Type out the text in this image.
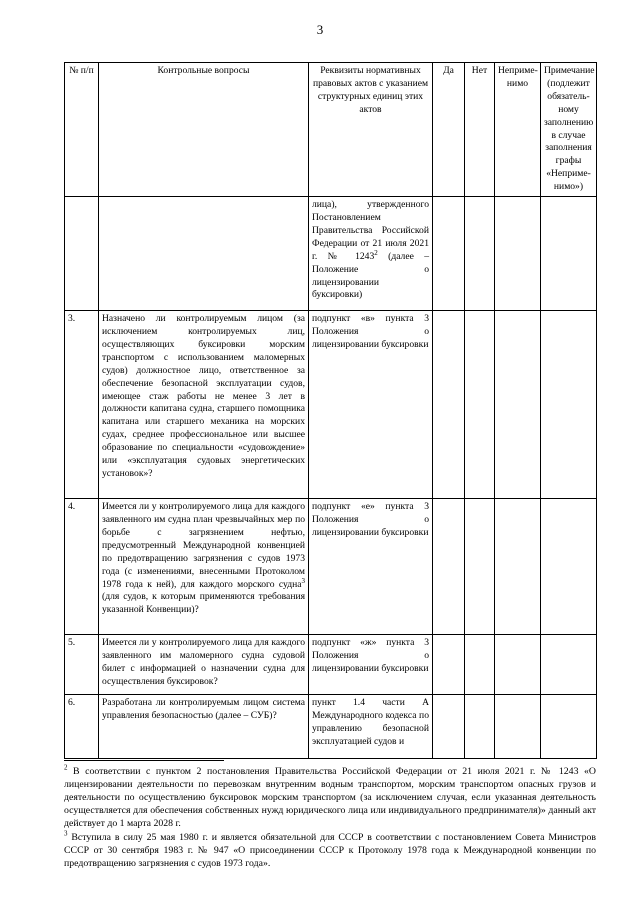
3
№ п/п	Контрольные вопросы	Реквизиты нормативных правовых актов с указанием структурных единиц этих актов	Да	Нет	Неприме-нимо	Примечание (подлежит обязатель-ному заполнению в случае заполнения графы «Неприме-нимо»)
		лица), утвержденного Постановлением Правительства Российской Федерации от 21 июля 2021 г. № 1243$^2$ (далее – Положение о лицензировании буксировки)				
3.	Назначено ли контролируемым лицом (за исключением контролируемых лиц, осуществляющих буксировки морским транспортом с использованием маломерных судов) должностное лицо, ответственное за обеспечение безопасной эксплуатации судов, имеющее стаж работы не менее 3 лет в должности капитана судна, старшего помощника капитана или старшего механика на морских судах, среднее профессиональное или высшее образование по специальности «судовождение» или «эксплуатация судовых энергетических установок»?	подпункт «в» пункта 3 Положения о лицензировании буксировки				
4.	Имеется ли у контролируемого лица для каждого заявленного им судна план чрезвычайных мер по борьбе с загрязнением нефтью, предусмотренный Международной конвенцией по предотвращению загрязнения с судов 1973 года (с изменениями, внесенными Протоколом 1978 года к ней), для каждого морского судна$^3$ (для судов, к которым применяются требования указанной Конвенции)?	подпункт «е» пункта 3 Положения о лицензировании буксировки				
5.	Имеется ли у контролируемого лица для каждого заявленного им маломерного судна судовой билет с информацией о назначении судна для осуществления буксировок?	подпункт «ж» пункта 3 Положения о лицензировании буксировки				
6.	Разработана ли контролируемым лицом система управления безопасностью (далее – СУБ)?	пункт 1.4 части А Международного кодекса по управлению безопасной эксплуатацией судов и				

$^2$ В соответствии с пунктом 2 постановления Правительства Российской Федерации от 21 июля 2021 г. № 1243 «О лицензировании деятельности по перевозкам внутренним водным транспортом, морским транспортом опасных грузов и деятельности по осуществлению буксировок морским транспортом (за исключением случая, если указанная деятельность осуществляется для обеспечения собственных нужд юридического лица или индивидуального предпринимателя)» данный акт действует до 1 марта 2028 г.

$^3$ Вступила в силу 25 мая 1980 г. и является обязательной для СССР в соответствии с постановлением Совета Министров СССР от 30 сентября 1983 г. № 947 «О присоединении СССР к Протоколу 1978 года к Международной конвенции по предотвращению загрязнения с судов 1973 года».
